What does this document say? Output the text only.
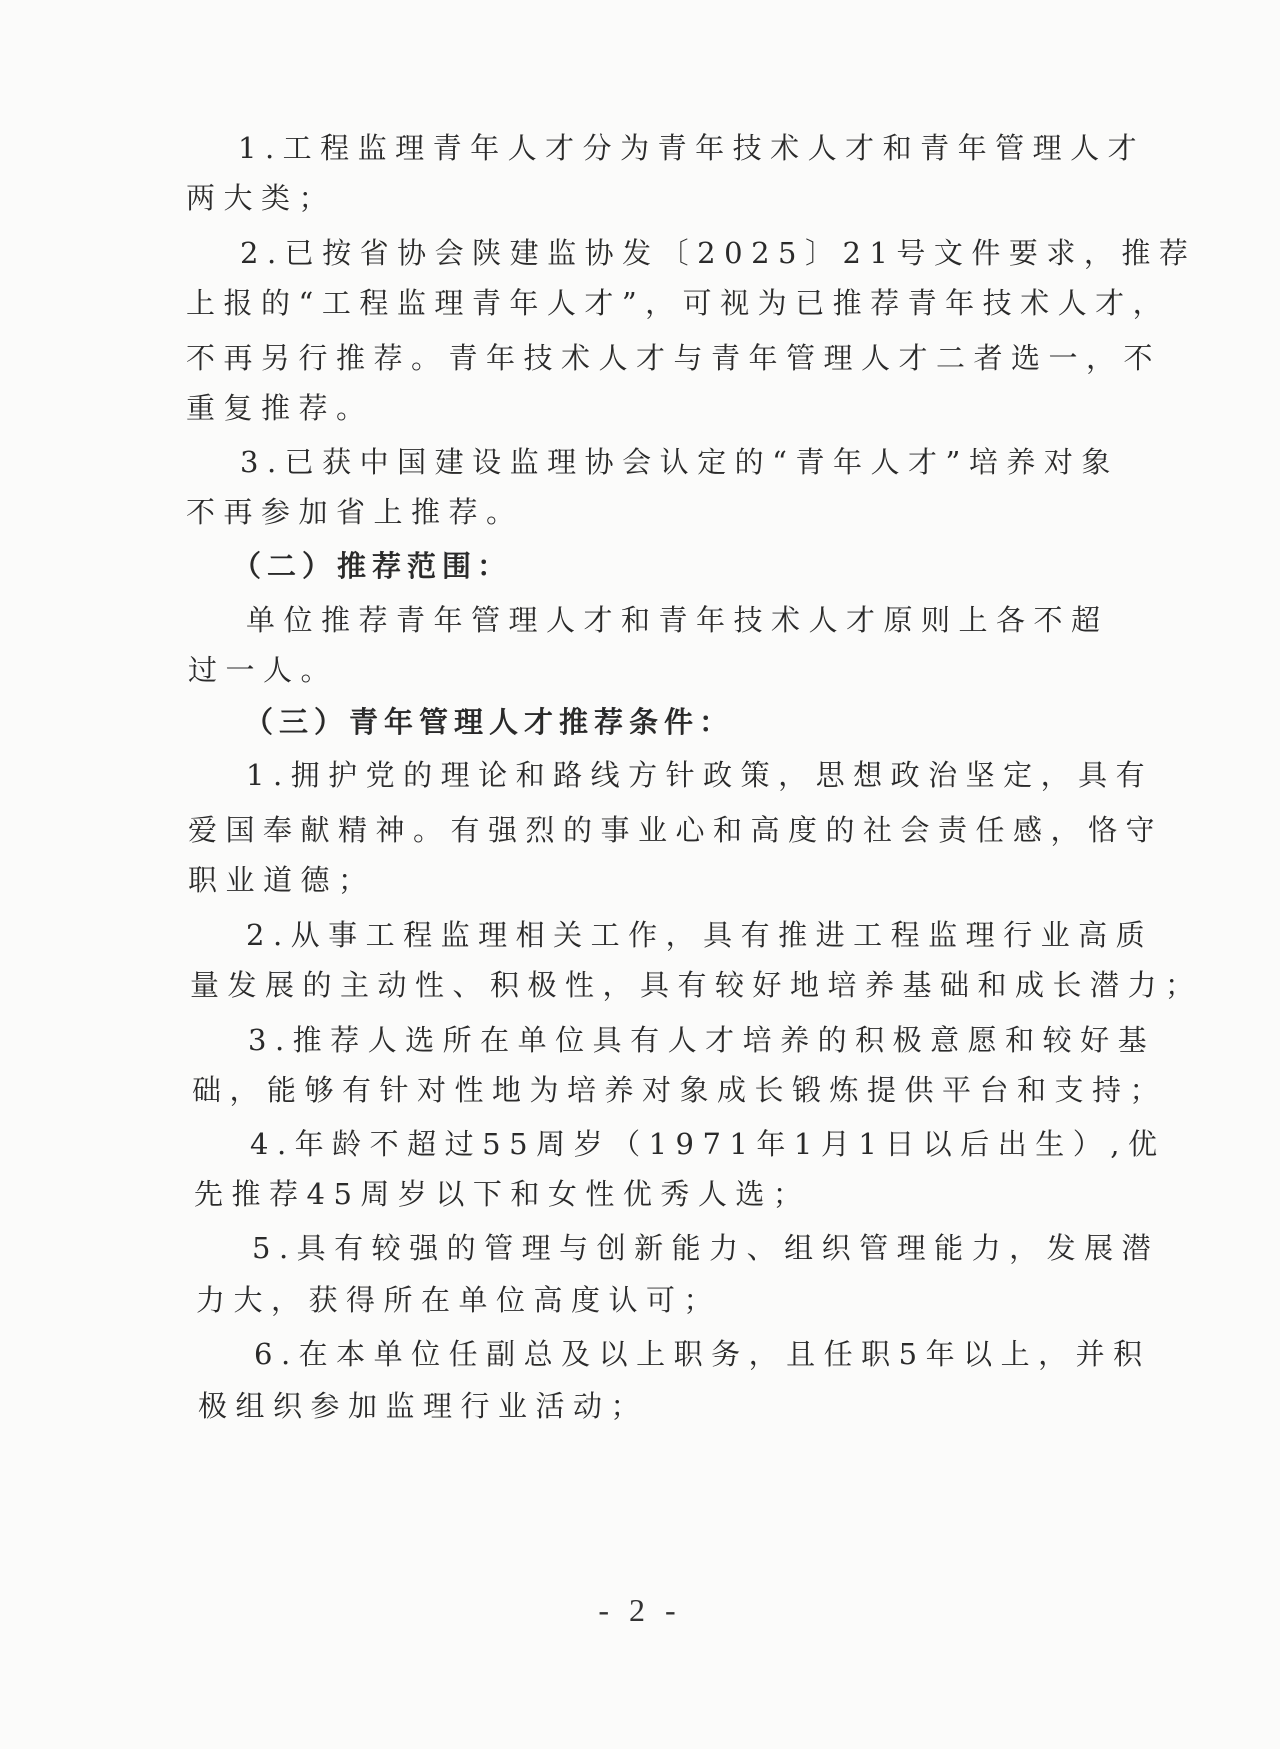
1.工程监理青年人才分为青年技术人才和青年管理人才
两大类；
2.已按省协会陕建监协发〔2025〕21号文件要求，推荐
上报的“工程监理青年人才”，可视为已推荐青年技术人才，
不再另行推荐。青年技术人才与青年管理人才二者选一，不
重复推荐。
3.已获中国建设监理协会认定的“青年人才”培养对象
不再参加省上推荐。
（二）推荐范围：
单位推荐青年管理人才和青年技术人才原则上各不超
过一人。
（三）青年管理人才推荐条件：
1.拥护党的理论和路线方针政策，思想政治坚定，具有
爱国奉献精神。有强烈的事业心和高度的社会责任感，恪守
职业道德；
2.从事工程监理相关工作，具有推进工程监理行业高质
量发展的主动性、积极性，具有较好地培养基础和成长潜力；
3.推荐人选所在单位具有人才培养的积极意愿和较好基
础，能够有针对性地为培养对象成长锻炼提供平台和支持；
4.年龄不超过55周岁（1971年1月1日以后出生）,优
先推荐45周岁以下和女性优秀人选；
5.具有较强的管理与创新能力、组织管理能力，发展潜
力大，获得所在单位高度认可；
6.在本单位任副总及以上职务，且任职5年以上，并积
极组织参加监理行业活动；
- 2 -
